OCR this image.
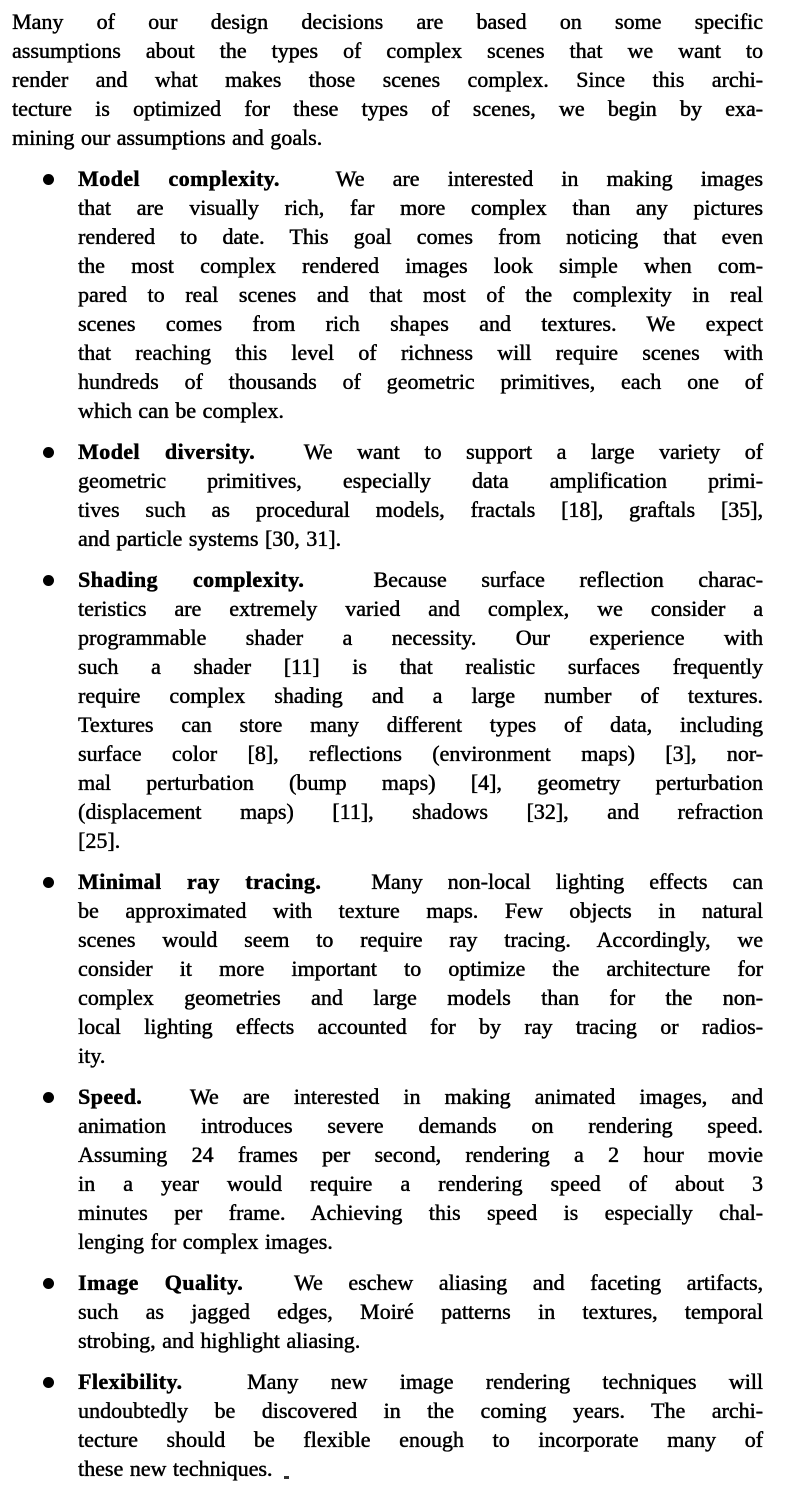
Many of our design decisions are based on some specific
assumptions about the types of complex scenes that we want to
render and what makes those scenes complex. Since this archi-
tecture is optimized for these types of scenes, we begin by exa-
mining our assumptions and goals.
Model complexity.  We are interested in making images
that are visually rich, far more complex than any pictures
rendered to date. This goal comes from noticing that even
the most complex rendered images look simple when com-
pared to real scenes and that most of the complexity in real
scenes comes from rich shapes and textures. We expect
that reaching this level of richness will require scenes with
hundreds of thousands of geometric primitives, each one of
which can be complex.
Model diversity.  We want to support a large variety of
geometric primitives, especially data amplification primi-
tives such as procedural models, fractals [18], graftals [35],
and particle systems [30, 31].
Shading complexity.  Because surface reflection charac-
teristics are extremely varied and complex, we consider a
programmable shader a necessity. Our experience with
such a shader [11] is that realistic surfaces frequently
require complex shading and a large number of textures.
Textures can store many different types of data, including
surface color [8], reflections (environment maps) [3], nor-
mal perturbation (bump maps) [4], geometry perturbation
(displacement maps) [11], shadows [32], and refraction
[25].
Minimal ray tracing.  Many non-local lighting effects can
be approximated with texture maps. Few objects in natural
scenes would seem to require ray tracing. Accordingly, we
consider it more important to optimize the architecture for
complex geometries and large models than for the non-
local lighting effects accounted for by ray tracing or radios-
ity.
Speed.  We are interested in making animated images, and
animation introduces severe demands on rendering speed.
Assuming 24 frames per second, rendering a 2 hour movie
in a year would require a rendering speed of about 3
minutes per frame. Achieving this speed is especially chal-
lenging for complex images.
Image Quality.  We eschew aliasing and faceting artifacts,
such as jagged edges, Moiré patterns in textures, temporal
strobing, and highlight aliasing.
Flexibility.  Many new image rendering techniques will
undoubtedly be discovered in the coming years. The archi-
tecture should be flexible enough to incorporate many of
these new techniques.
